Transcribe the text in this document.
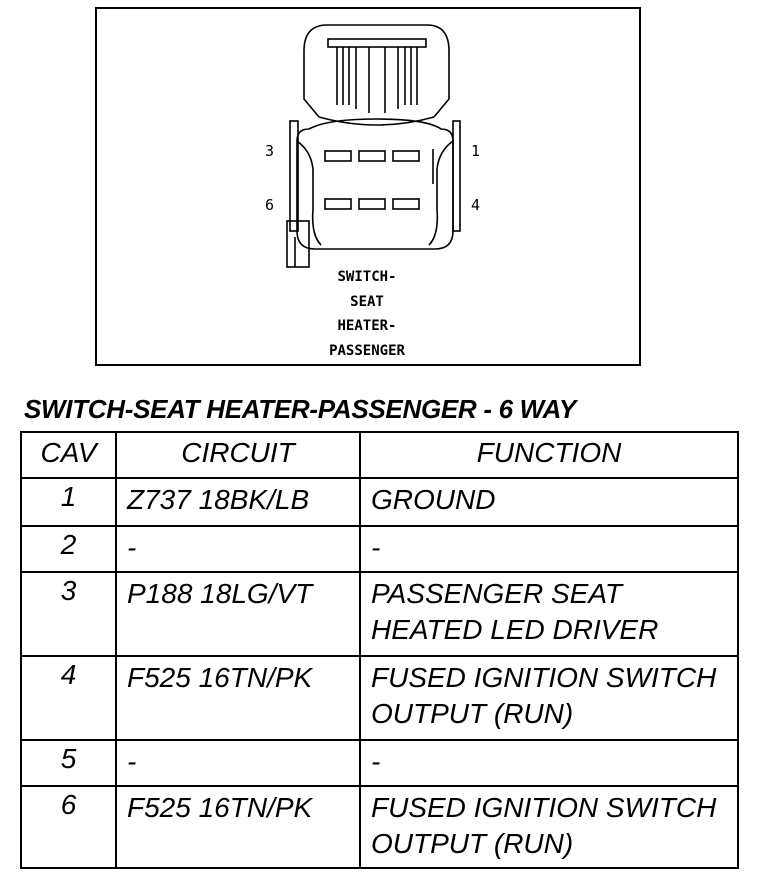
3
6
1
4
SWITCH-
SEAT
HEATER-
PASSENGER
SWITCH-SEAT HEATER-PASSENGER - 6 WAY
CAV	CIRCUIT	FUNCTION
1	Z737 18BK/LB	GROUND
2	-	-
3	P188 18LG/VT	PASSENGER SEAT HEATED LED DRIVER
4	F525 16TN/PK	FUSED IGNITION SWITCH OUTPUT (RUN)
5	-	-
6	F525 16TN/PK	FUSED IGNITION SWITCH OUTPUT (RUN)
